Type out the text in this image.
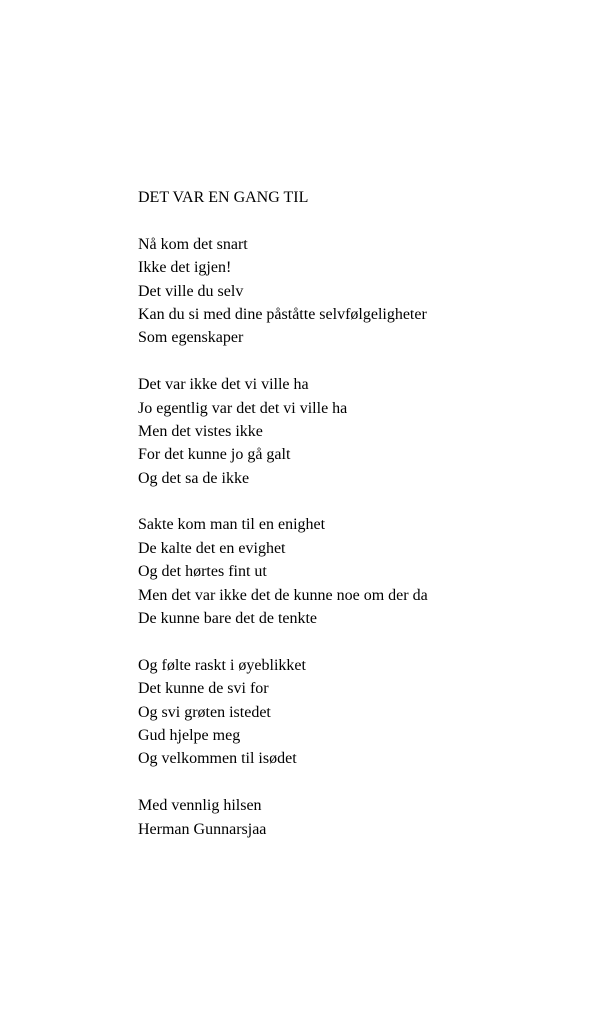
DET VAR EN GANG TIL
Nå kom det snart
Ikke det igjen!
Det ville du selv
Kan du si med dine påståtte selvfølgeligheter
Som egenskaper
Det var ikke det vi ville ha
Jo egentlig var det det vi ville ha
Men det vistes ikke
For det kunne jo gå galt
Og det sa de ikke
Sakte kom man til en enighet
De kalte det en evighet
Og det hørtes fint ut
Men det var ikke det de kunne noe om der da
De kunne bare det de tenkte
Og følte raskt i øyeblikket
Det kunne de svi for
Og svi grøten istedet
Gud hjelpe meg
Og velkommen til isødet
Med vennlig hilsen
Herman Gunnarsjaa
